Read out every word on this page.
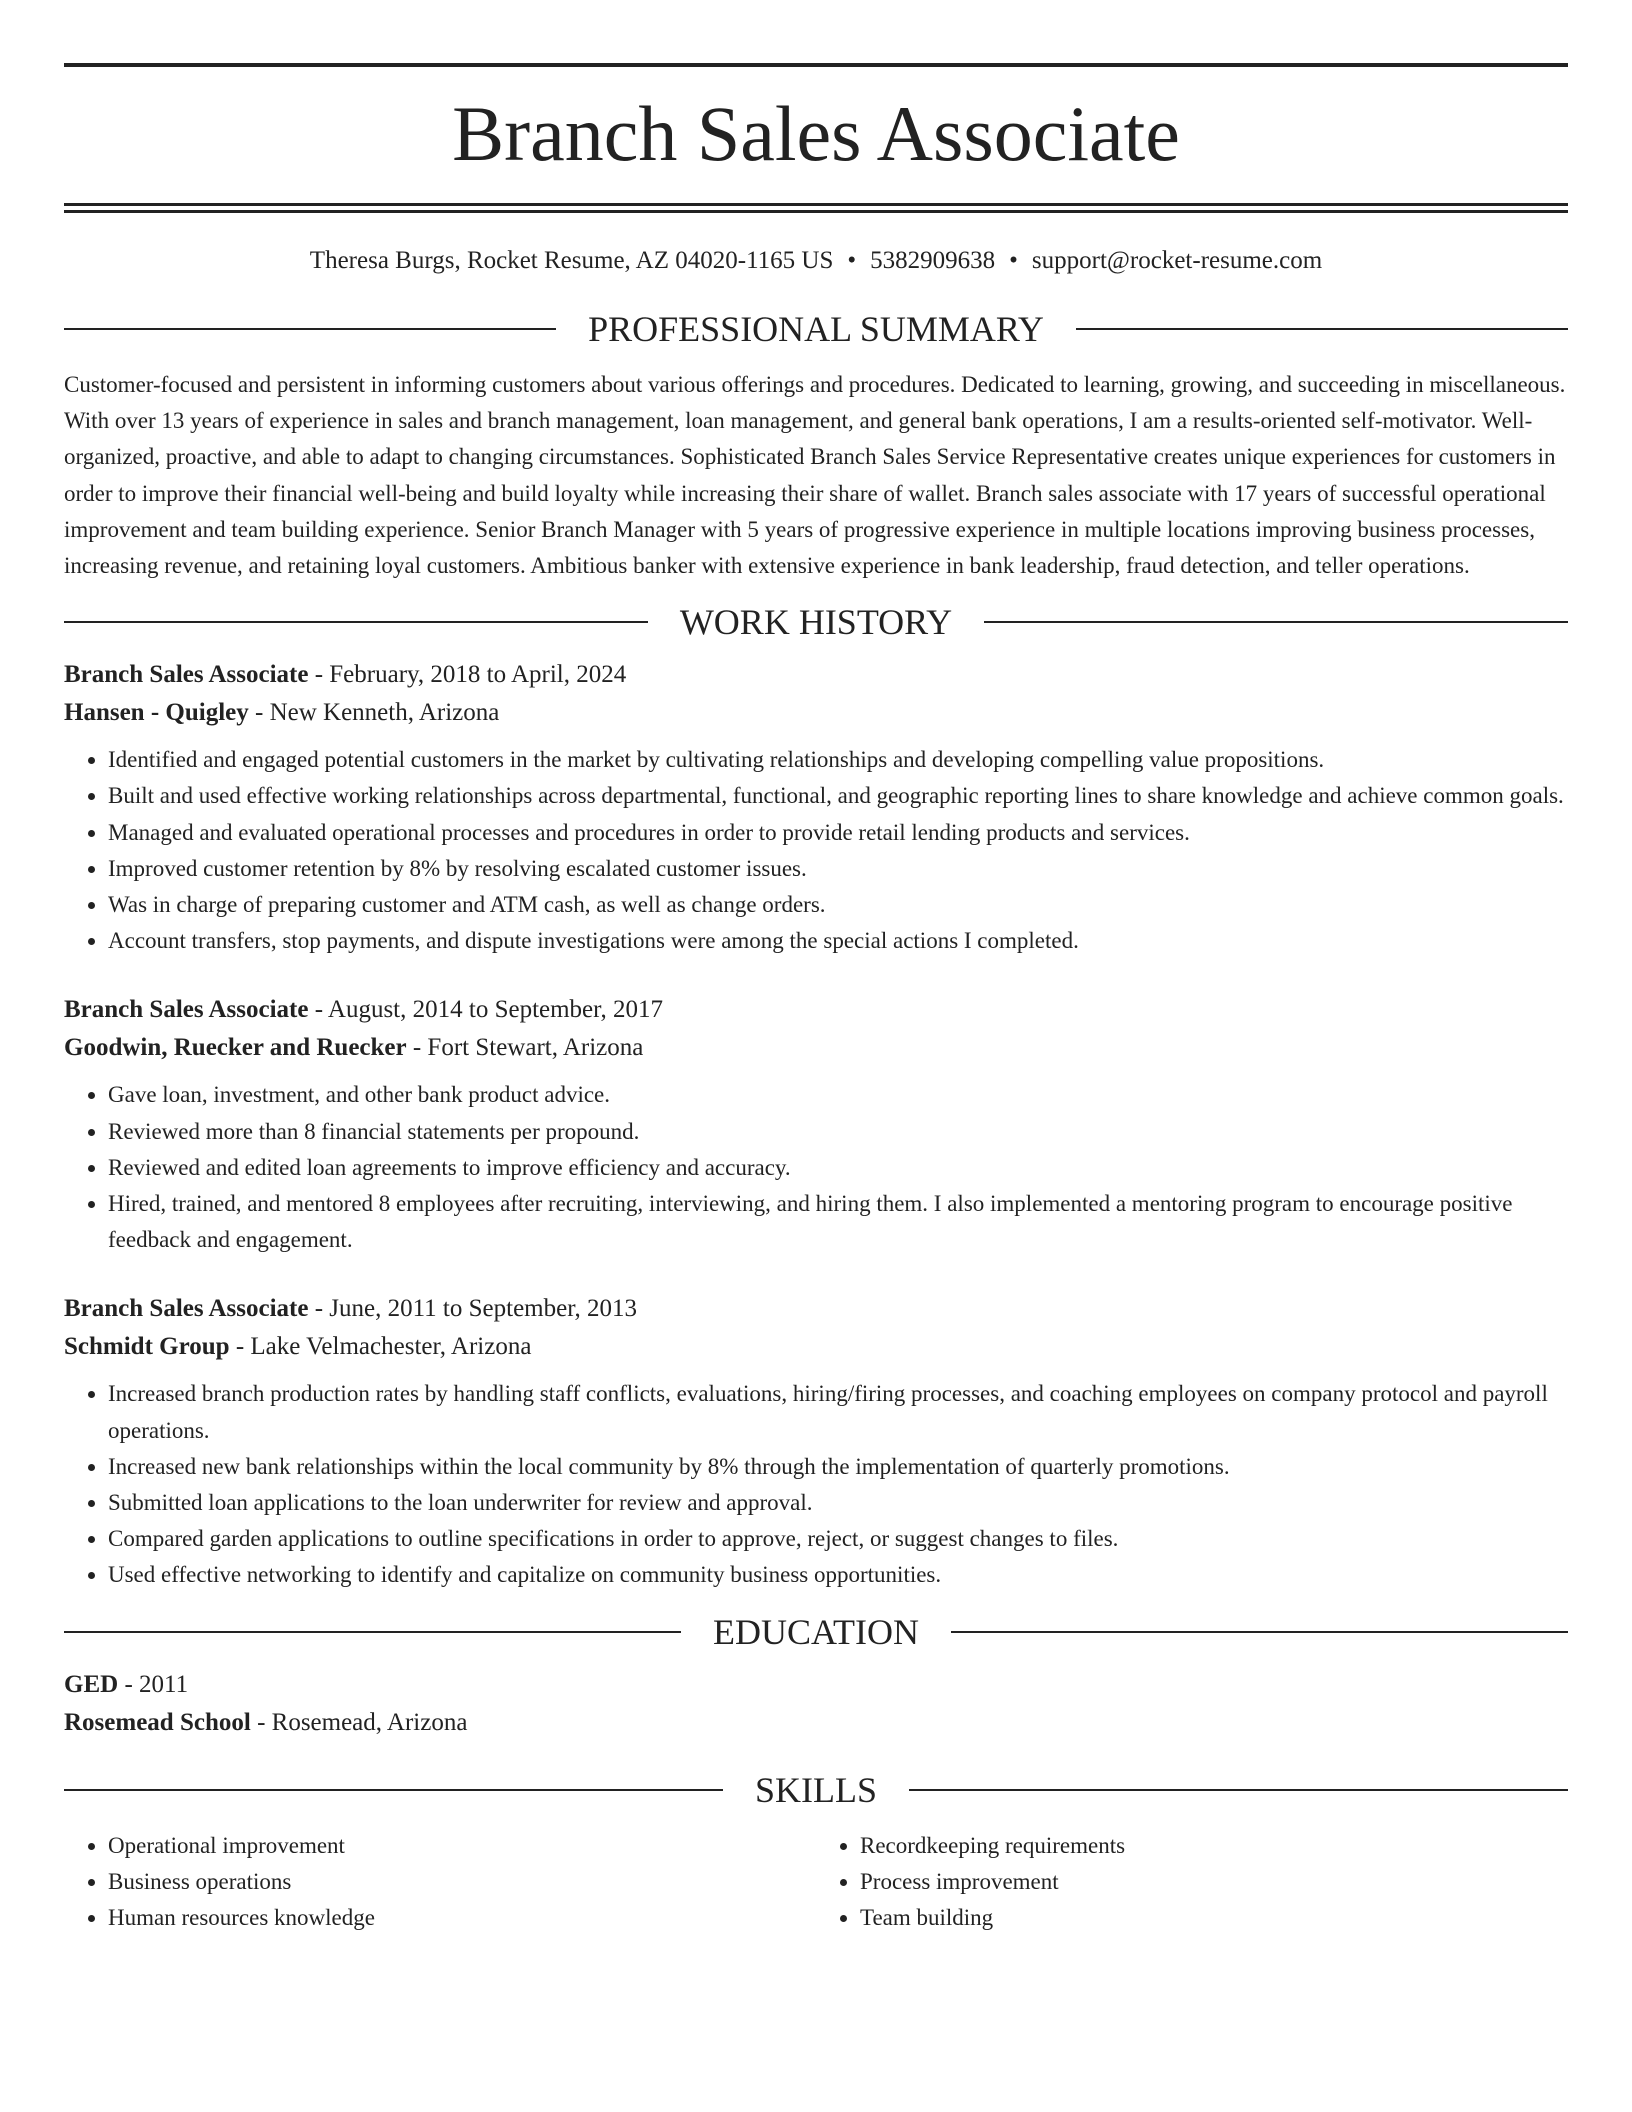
Branch Sales Associate
Theresa Burgs, Rocket Resume, AZ 04020-1165 US • 5382909638 • support@rocket-resume.com
PROFESSIONAL SUMMARY

Customer-focused and persistent in informing customers about various offerings and procedures. Dedicated to learning, growing, and succeeding in miscellaneous. With over 13 years of experience in sales and branch management, loan management, and general bank operations, I am a results-oriented self-motivator. Well-organized, proactive, and able to adapt to changing circumstances. Sophisticated Branch Sales Service Representative creates unique experiences for customers in order to improve their financial well-being and build loyalty while increasing their share of wallet. Branch sales associate with 17 years of successful operational improvement and team building experience. Senior Branch Manager with 5 years of progressive experience in multiple locations improving business processes, increasing revenue, and retaining loyal customers. Ambitious banker with extensive experience in bank leadership, fraud detection, and teller operations.

WORK HISTORY
Branch Sales Associate - February, 2018 to April, 2024
Hansen - Quigley - New Kenneth, Arizona
• Identified and engaged potential customers in the market by cultivating relationships and developing compelling value propositions.
• Built and used effective working relationships across departmental, functional, and geographic reporting lines to share knowledge and achieve common goals.
• Managed and evaluated operational processes and procedures in order to provide retail lending products and services.
• Improved customer retention by 8% by resolving escalated customer issues.
• Was in charge of preparing customer and ATM cash, as well as change orders.
• Account transfers, stop payments, and dispute investigations were among the special actions I completed.
Branch Sales Associate - August, 2014 to September, 2017
Goodwin, Ruecker and Ruecker - Fort Stewart, Arizona
• Gave loan, investment, and other bank product advice.
• Reviewed more than 8 financial statements per propound.
• Reviewed and edited loan agreements to improve efficiency and accuracy.
• Hired, trained, and mentored 8 employees after recruiting, interviewing, and hiring them. I also implemented a mentoring program to encourage positive feedback and engagement.
Branch Sales Associate - June, 2011 to September, 2013
Schmidt Group - Lake Velmachester, Arizona
• Increased branch production rates by handling staff conflicts, evaluations, hiring/firing processes, and coaching employees on company protocol and payroll operations.
• Increased new bank relationships within the local community by 8% through the implementation of quarterly promotions.
• Submitted loan applications to the loan underwriter for review and approval.
• Compared garden applications to outline specifications in order to approve, reject, or suggest changes to files.
• Used effective networking to identify and capitalize on community business opportunities.
EDUCATION
GED - 2011
Rosemead School - Rosemead, Arizona
SKILLS
• Operational improvement
• Business operations
• Human resources knowledge
• Recordkeeping requirements
• Process improvement
• Team building
